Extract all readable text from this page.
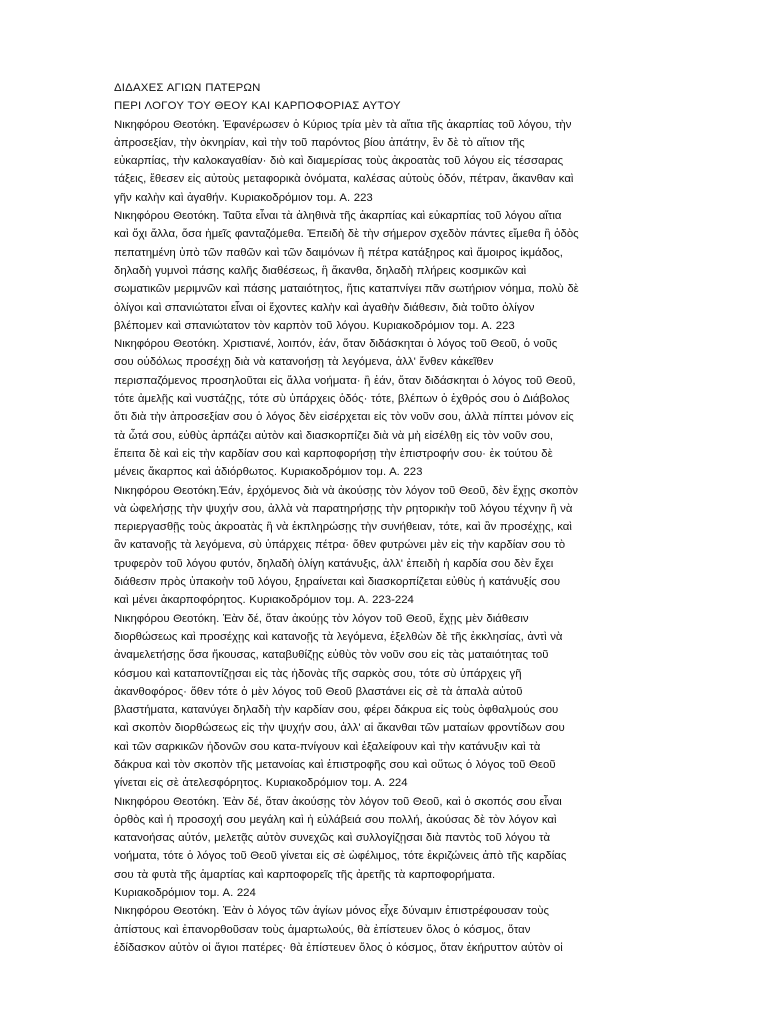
ΔΙΔΑΧΕΣ ΑΓΙΩΝ ΠΑΤΕΡΩΝ
ΠΕΡΙ ΛΟΓΟΥ ΤΟΥ ΘΕΟΥ ΚΑΙ ΚΑΡΠΟΦΟΡΙΑΣ ΑΥΤΟΥ
Νικηφόρου Θεοτόκη. Ἐφανέρωσεν ὁ Κύριος τρία μὲν τὰ αἴτια τῆς ἀκαρπίας τοῦ λόγου, τὴν
ἀπροσεξίαν, τὴν ὀκνηρίαν, καὶ τὴν τοῦ παρόντος βίου ἀπάτην, ἓν δὲ τὸ αἴτιον τῆς
εὐκαρπίας, τὴν καλοκαγαθίαν· διὸ καὶ διαμερίσας τοὺς ἀκροατὰς τοῦ λόγου εἰς τέσσαρας
τάξεις, ἔθεσεν εἰς αὐτοὺς μεταφορικὰ ὀνόματα, καλέσας αὐτοὺς ὁδόν, πέτραν, ἄκανθαν καὶ
γῆν καλὴν καὶ ἀγαθήν. Κυριακοδρόμιον τομ. Α. 223
Νικηφόρου Θεοτόκη. Ταῦτα εἶναι τὰ ἀληθινὰ τῆς ἀκαρπίας καὶ εὐκαρπίας τοῦ λόγου αἴτια
καὶ ὄχι ἄλλα, ὅσα ἡμεῖς φανταζόμεθα. Ἐπειδὴ δὲ τὴν σήμερον σχεδὸν πάντες εἴμεθα ἢ ὁδὸς
πεπατημένη ὑπὸ τῶν παθῶν καὶ τῶν δαιμόνων ἢ πέτρα κατάξηρος καὶ ἄμοιρος ἰκμάδος,
δηλαδὴ γυμνοὶ πάσης καλῆς διαθέσεως, ἢ ἄκανθα, δηλαδὴ πλήρεις κοσμικῶν καὶ
σωματικῶν μεριμνῶν καὶ πάσης ματαιότητος, ἥτις καταπνίγει πᾶν σωτήριον νόημα, πολὺ δὲ
ὀλίγοι καὶ σπανιώτατοι εἶναι οἱ ἔχοντες καλὴν καὶ ἀγαθὴν διάθεσιν, διὰ τοῦτο ὀλίγον
βλέπομεν καὶ σπανιώτατον τὸν καρπὸν τοῦ λόγου. Κυριακοδρόμιον τομ. Α. 223
Νικηφόρου Θεοτόκη. Χριστιανέ, λοιπόν, ἐάν, ὅταν διδάσκηται ὁ λόγος τοῦ Θεοῦ, ὁ νοῦς
σου οὐδόλως προσέχῃ διὰ νὰ κατανοήσῃ τὰ λεγόμενα, ἀλλ' ἔνθεν κἀκεῖθεν
περισπαζόμενος προσηλοῦται εἰς ἄλλα νοήματα· ἢ ἐάν, ὅταν διδάσκηται ὁ λόγος τοῦ Θεοῦ,
τότε ἀμελῇς καὶ νυστάζῃς, τότε σὺ ὑπάρχεις ὁδός· τότε, βλέπων ὁ ἐχθρός σου ὁ Διάβολος
ὅτι διὰ τὴν ἀπροσεξίαν σου ὁ λόγος δὲν εἰσέρχεται εἰς τὸν νοῦν σου, ἀλλὰ πίπτει μόνον εἰς
τὰ ὦτά σου, εὐθὺς ἁρπάζει αὐτὸν καὶ διασκορπίζει διὰ νὰ μὴ εἰσέλθῃ εἰς τὸν νοῦν σου,
ἔπειτα δὲ καὶ εἰς τὴν καρδίαν σου καὶ καρποφορήσῃ τὴν ἐπιστροφήν σου· ἐκ τούτου δὲ
μένεις ἄκαρπος καὶ ἀδιόρθωτος. Κυριακοδρόμιον τομ. Α. 223
Νικηφόρου Θεοτόκη.Ἐάν, ἐρχόμενος διὰ νὰ ἀκούσῃς τὸν λόγον τοῦ Θεοῦ, δὲν ἔχῃς σκοπὸν
νὰ ὠφελήσῃς τὴν ψυχήν σου, ἀλλὰ νὰ παρατηρήσῃς τὴν ρητορικὴν τοῦ λόγου τέχνην ἢ νὰ
περιεργασθῇς τοὺς ἀκροατὰς ἢ νὰ ἐκπληρώσῃς τὴν συνήθειαν, τότε, καὶ ἂν προσέχῃς, καὶ
ἂν κατανοῇς τὰ λεγόμενα, σὺ ὑπάρχεις πέτρα· ὅθεν φυτρώνει μὲν εἰς τὴν καρδίαν σου τὸ
τρυφερὸν τοῦ λόγου φυτόν, δηλαδὴ ὀλίγη κατάνυξις, ἀλλ' ἐπειδὴ ἡ καρδία σου δὲν ἔχει
διάθεσιν πρὸς ὑπακοὴν τοῦ λόγου, ξηραίνεται καὶ διασκορπίζεται εὐθὺς ἡ κατάνυξίς σου
καὶ μένει ἀκαρποφόρητος. Κυριακοδρόμιον τομ. Α. 223-224
Νικηφόρου Θεοτόκη. Ἐὰν δέ, ὅταν ἀκούῃς τὸν λόγον τοῦ Θεοῦ, ἔχῃς μὲν διάθεσιν
διορθώσεως καὶ προσέχῃς καὶ κατανοῇς τὰ λεγόμενα, ἐξελθὼν δὲ τῆς ἐκκλησίας, ἀντὶ νὰ
ἀναμελετήσῃς ὅσα ἤκουσας, καταβυθίζῃς εὐθὺς τὸν νοῦν σου εἰς τὰς ματαιότητας τοῦ
κόσμου καὶ καταποντίζῃσαι εἰς τὰς ἡδονὰς τῆς σαρκὸς σου, τότε σὺ ὑπάρχεις γῆ
ἀκανθοφόρος· ὅθεν τότε ὁ μὲν λόγος τοῦ Θεοῦ βλαστάνει εἰς σὲ τὰ ἁπαλὰ αὐτοῦ
βλαστήματα, κατανύγει δηλαδὴ τὴν καρδίαν σου, φέρει δάκρυα εἰς τοὺς ὀφθαλμούς σου
καὶ σκοπὸν διορθώσεως εἰς τὴν ψυχήν σου, ἀλλ' αἱ ἄκανθαι τῶν ματαίων φροντίδων σου
καὶ τῶν σαρκικῶν ἡδονῶν σου κατα-πνίγουν καὶ ἐξαλείφουν καὶ τὴν κατάνυξιν καὶ τὰ
δάκρυα καὶ τὸν σκοπὸν τῆς μετανοίας καὶ ἐπιστροφῆς σου καὶ οὕτως ὁ λόγος τοῦ Θεοῦ
γίνεται εἰς σὲ ἀτελεσφόρητος. Κυριακοδρόμιον τομ. Α. 224
Νικηφόρου Θεοτόκη. Ἐὰν δέ, ὅταν ἀκούσῃς τὸν λόγον τοῦ Θεοῦ, καὶ ὁ σκοπός σου εἶναι
ὀρθὸς καὶ ἡ προσοχή σου μεγάλη καὶ ἡ εὐλάβειά σου πολλή, ἀκούσας δὲ τὸν λόγον καὶ
κατανοήσας αὐτόν, μελετᾷς αὐτὸν συνεχῶς καὶ συλλογίζῃσαι διὰ παντὸς τοῦ λόγου τὰ
νοήματα, τότε ὁ λόγος τοῦ Θεοῦ γίνεται εἰς σὲ ὠφέλιμος, τότε ἐκριζώνεις ἀπὸ τῆς καρδίας
σου τὰ φυτὰ τῆς ἁμαρτίας καὶ καρποφορεῖς τῆς ἀρετῆς τὰ καρποφορήματα.
Κυριακοδρόμιον τομ. Α. 224
Νικηφόρου Θεοτόκη. Ἐὰν ὁ λόγος τῶν ἁγίων μόνος εἶχε δύναμιν ἐπιστρέφουσαν τοὺς
ἀπίστους καὶ ἐπανορθοῦσαν τοὺς ἁμαρτωλούς, θὰ ἐπίστευεν ὅλος ὁ κόσμος, ὅταν
ἐδίδασκον αὐτὸν οἱ ἅγιοι πατέρες· θὰ ἐπίστευεν ὅλος ὁ κόσμος, ὅταν ἐκήρυττον αὐτὸν οἱ
